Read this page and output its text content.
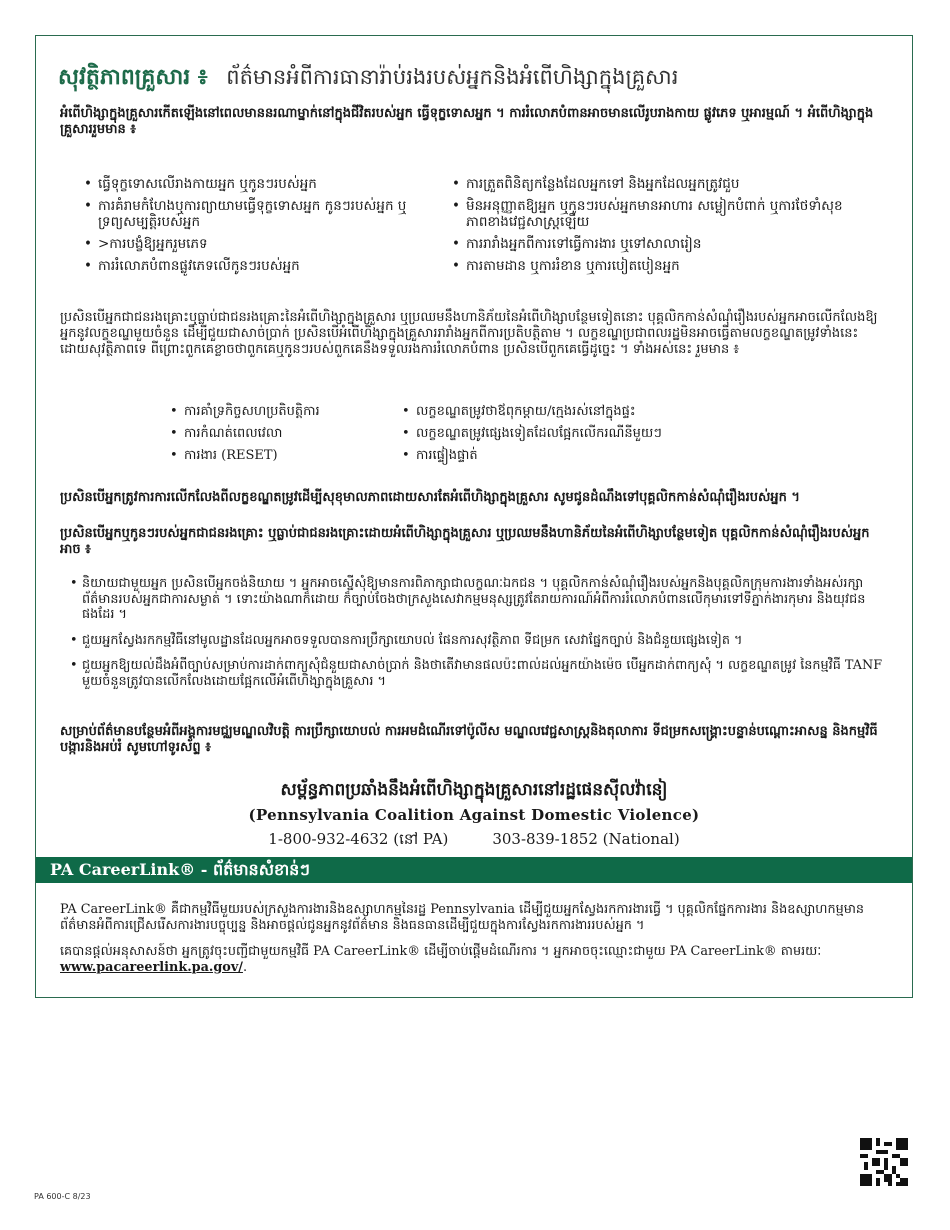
សុវត្ថិភាពគ្រួសារ ៖ ព័ត៌មានអំពីការធានារ៉ាប់រងរបស់អ្នកនិងអំពើហិង្សាក្នុងគ្រួសារ
អំពើហិង្សាក្នុងគ្រួសារកើតឡើងនៅពេលមាននរណាម្នាក់នៅក្នុងជីវិតរបស់អ្នក ធ្វើទុក្ខទោសអ្នក ។ ការរំលោភបំពានអាចមានលើរូបរាងកាយ ផ្លូវភេទ ឬអារម្មណ៍ ។ អំពើហិង្សាក្នុងគ្រួសាររួមមាន ៖
• ធ្វើទុក្ខទោសលើរាងកាយអ្នក ឬកូនៗរបស់អ្នក
• ការគំរាមកំហែងឬការព្យាយាមធ្វើទុក្ខទោសអ្នក កូនៗរបស់អ្នក ឬទ្រព្យសម្បត្តិរបស់អ្នក
• >ការបង្ខំឱ្យអ្នករួមភេទ
• ការរំលោភបំពានផ្លូវភេទលើកូនៗរបស់អ្នក
• ការត្រួតពិនិត្យកន្លែងដែលអ្នកទៅ និងអ្នកដែលអ្នកត្រូវជួប
• មិនអនុញ្ញាតឱ្យអ្នក ឬកូនៗរបស់អ្នកមានអាហារ សម្លៀកបំពាក់ ឬការថែទាំសុខភាពខាងវេជ្ជសាស្ត្រឡើយ
• ការរារាំងអ្នកពីការទៅធ្វើការងារ ឬទៅសាលារៀន
• ការតាមដាន ឬការរំខាន ឬការបៀតបៀនអ្នក
ប្រសិនបើអ្នកជាជនរងគ្រោះឬធ្លាប់ជាជនរងគ្រោះនៃអំពើហិង្សាក្នុងគ្រួសារ ឬប្រឈមនឹងហានិភ័យនៃអំពើហិង្សាបន្ថែមទៀតនោះ បុគ្គលិកកាន់សំណុំរឿងរបស់អ្នកអាចលើកលែងឱ្យអ្នកនូវលក្ខខណ្ឌមួយចំនួន ដើម្បីជួយជាសាច់ប្រាក់ ប្រសិនបើអំពើហិង្សាក្នុងគ្រួសាររារាំងអ្នកពីការប្រតិបត្តិតាម ។ លក្ខខណ្ឌប្រជាពលរដ្ឋមិនអាចធ្វើតាមលក្ខខណ្ឌតម្រូវទាំងនេះដោយសុវត្ថិភាពទេ ពីព្រោះពួកគេខ្លាចថាពួកគេឬកូនៗរបស់ពួកគេនឹងទទួលរងការរំលោភបំពាន ប្រសិនបើពួកគេធ្វើដូច្នេះ ។ ទាំងអស់នេះ រួមមាន ៖
• ការគាំទ្រកិច្ចសហប្រតិបត្តិការ
• ការកំណត់ពេលវេលា
• ការងារ (RESET)
• លក្ខខណ្ឌតម្រូវថាឪពុកម្តាយ/ក្មេងរស់នៅក្នុងផ្ទះ
• លក្ខខណ្ឌតម្រូវផ្សេងទៀតដែលផ្អែកលើករណីនីមួយៗ
• ការផ្ទៀងផ្ទាត់
ប្រសិនបើអ្នកត្រូវការការលើកលែងពីលក្ខខណ្ឌតម្រូវដើម្បីសុខុមាលភាពដោយសារតែអំពើហិង្សាក្នុងគ្រួសារ សូមជូនដំណឹងទៅបុគ្គលិកកាន់សំណុំរឿងរបស់អ្នក ។
ប្រសិនបើអ្នកឬកូនៗរបស់អ្នកជាជនរងគ្រោះ ឬធ្លាប់ជាជនរងគ្រោះដោយអំពើហិង្សាក្នុងគ្រួសារ ឬប្រឈមនឹងហានិភ័យនៃអំពើហិង្សាបន្ថែមទៀត បុគ្គលិកកាន់សំណុំរឿងរបស់អ្នកអាច ៖
• និយាយជាមួយអ្នក ប្រសិនបើអ្នកចង់និយាយ ។ អ្នកអាចស្នើសុំឱ្យមានការពិភាក្សាជាលក្ខណៈឯកជន ។ បុគ្គលិកកាន់សំណុំរឿងរបស់អ្នកនិងបុគ្គលិកក្រុមការងារទាំងអស់រក្សាព័ត៌មានរបស់អ្នកជាការសម្ងាត់ ។ ទោះយ៉ាងណាក៏ដោយ ក៏ច្បាប់ចែងថាក្រសួងសេវាកម្មមនុស្សត្រូវតែរាយការណ៍អំពីការរំលោភបំពានលើកុមារទៅទីភ្នាក់ងារកុមារ និងយុវជនផងដែរ ។
• ជួយអ្នកស្វែងរកកម្មវិធីនៅមូលដ្ឋានដែលអ្នកអាចទទួលបានការប្រឹក្សាយោបល់ ផែនការសុវត្ថិភាព ទីជម្រក សេវាផ្នែកច្បាប់ និងជំនួយផ្សេងទៀត ។
• ជួយអ្នកឱ្យយល់ដឹងអំពីច្បាប់សម្រាប់ការដាក់ពាក្យសុំជំនួយជាសាច់ប្រាក់ និងថាតើវាមានផលប៉ះពាល់ដល់អ្នកយ៉ាងម៉េច បើអ្នកដាក់ពាក្យសុំ ។ លក្ខខណ្ឌតម្រូវ នៃកម្មវិធី TANF មួយចំនួនត្រូវបានលើកលែងដោយផ្អែកលើអំពើហិង្សាក្នុងគ្រួសារ ។
សម្រាប់ព័ត៌មានបន្ថែមអំពីអង្គការមជ្ឈមណ្ឌលវិបត្តិ ការប្រឹក្សាយោបល់ ការអមដំណើរទៅប៉ូលីស មណ្ឌលវេជ្ជសាស្ត្រនិងតុលាការ ទីជម្រកសង្គ្រោះបន្ទាន់បណ្ដោះអាសន្ន និងកម្មវិធីបង្ការនិងអប់រំ សូមហៅទូរស័ព្ទ ៖
សម្ព័ន្ធភាពប្រឆាំងនឹងអំពើហិង្សាក្នុងគ្រួសារនៅរដ្ឋផេនស៊ីលវ៉ានៀ
(Pennsylvania Coalition Against Domestic Violence)
1-800-932-4632 (នៅ PA)	303-839-1852 (National)
PA CareerLink® - ព័ត៌មានសំខាន់ៗ
PA CareerLink® គឺជាកម្មវិធីមួយរបស់ក្រសួងការងារនិងឧស្សាហកម្មនៃរដ្ឋ Pennsylvania ដើម្បីជួយអ្នកស្វែងរកការងារធ្វើ ។ បុគ្គលិកផ្នែកការងារ និងឧស្សាហកម្មមានព័ត៌មានអំពីការជ្រើសរើសការងារបច្ចុប្បន្ន និងអាចផ្តល់ជូនអ្នកនូវព័ត៌មាន និងធនធានដើម្បីជួយក្នុងការស្វែងរកការងាររបស់អ្នក ។
គេបានផ្តល់អនុសាសន៍ថា អ្នកត្រូវចុះបញ្ជីជាមួយកម្មវិធី PA CareerLink® ដើម្បីចាប់ផ្តើមដំណើរការ ។ អ្នកអាចចុះឈ្មោះជាមួយ PA CareerLink® តាមរយៈ www.pacareerlink.pa.gov/.
PA 600-C 8/23
